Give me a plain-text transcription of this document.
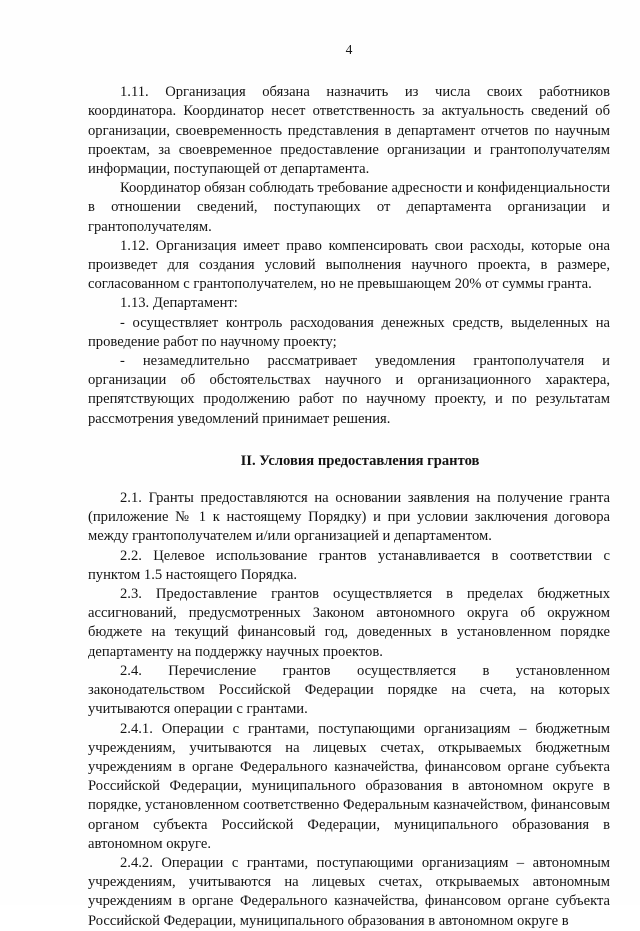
4

1.11. Организация обязана назначить из числа своих работников координатора. Координатор несет ответственность за актуальность сведений об организации, своевременность представления в департамент отчетов по научным проектам, за своевременное предоставление организации и грантополучателям информации, поступающей от департамента.

Координатор обязан соблюдать требование адресности и конфиденциальности в отношении сведений, поступающих от департамента организации и грантополучателям.

1.12. Организация имеет право компенсировать свои расходы, которые она произведет для создания условий выполнения научного проекта, в размере, согласованном с грантополучателем, но не превышающем 20% от суммы гранта.

1.13. Департамент:

- осуществляет контроль расходования денежных средств, выделенных на проведение работ по научному проекту;

- незамедлительно рассматривает уведомления грантополучателя и организации об обстоятельствах научного и организационного характера, препятствующих продолжению работ по научному проекту, и по результатам рассмотрения уведомлений принимает решения.

II. Условия предоставления грантов

2.1. Гранты предоставляются на основании заявления на получение гранта (приложение № 1 к настоящему Порядку) и при условии заключения договора между грантополучателем и/или организацией и департаментом.

2.2. Целевое использование грантов устанавливается в соответствии с пунктом 1.5 настоящего Порядка.

2.3. Предоставление грантов осуществляется в пределах бюджетных ассигнований, предусмотренных Законом автономного округа об окружном бюджете на текущий финансовый год, доведенных в установленном порядке департаменту на поддержку научных проектов.

2.4. Перечисление грантов осуществляется в установленном законодательством Российской Федерации порядке на счета, на которых учитываются операции с грантами.

2.4.1. Операции с грантами, поступающими организациям – бюджетным учреждениям, учитываются на лицевых счетах, открываемых бюджетным учреждениям в органе Федерального казначейства, финансовом органе субъекта Российской Федерации, муниципального образования в автономном округе в порядке, установленном соответственно Федеральным казначейством, финансовым органом субъекта Российской Федерации, муниципального образования в автономном округе.

2.4.2. Операции с грантами, поступающими организациям – автономным учреждениям, учитываются на лицевых счетах, открываемых автономным учреждениям в органе Федерального казначейства, финансовом органе субъекта Российской Федерации, муниципального образования в автономном округе в
